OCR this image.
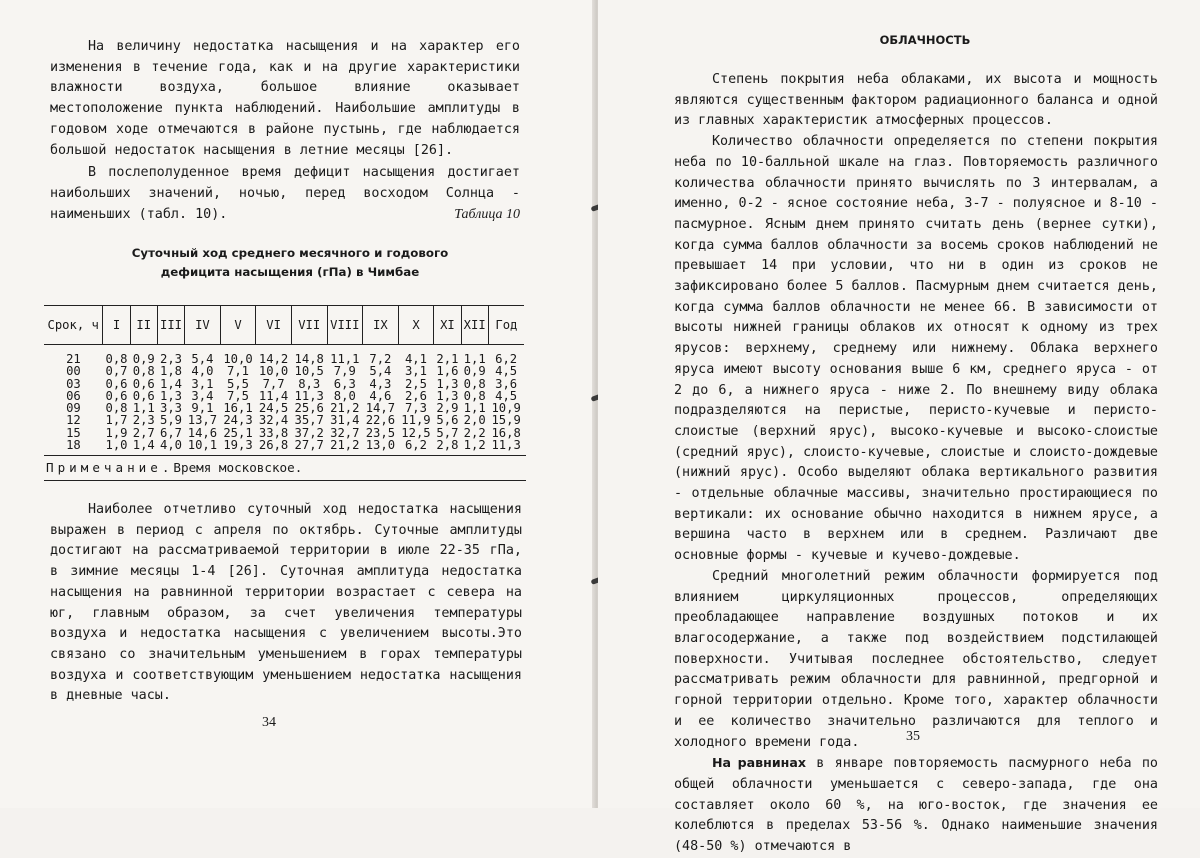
На величину недостатка насыщения и на характер его изменения в течение года, как и на другие характеристики влажности воздуха, большое влияние оказывает местоположение пункта наблюдений. Наибольшие амплитуды в годовом ходе отмечаются в районе пустынь, где наблюдается большой недостаток насыщения в летние месяцы [26].

В послеполуденное время дефицит насыщения достигает наибольших значений, ночью, перед восходом Солнца - наименьших (табл. 10).	Таблица 10
Суточный ход среднего месячного и годового
дефицита насыщения (гПа) в Чимбае
Срок, ч	I	II	III	IV	V	VI	VII	VIII	IX	X	XI	XII	Год
21	0,8	0,9	2,3	5,4	10,0	14,2	14,8	11,1	7,2	4,1	2,1	1,1	6,2
00	0,7	0,8	1,8	4,0	7,1	10,0	10,5	7,9	5,4	3,1	1,6	0,9	4,5
03	0,6	0,6	1,4	3,1	5,5	7,7	8,3	6,3	4,3	2,5	1,3	0,8	3,6
06	0,6	0,6	1,3	3,4	7,5	11,4	11,3	8,0	4,6	2,6	1,3	0,8	4,5
09	0,8	1,1	3,3	9,1	16,1	24,5	25,6	21,2	14,7	7,3	2,9	1,1	10,9
12	1,7	2,3	5,9	13,7	24,3	32,4	35,7	31,4	22,6	11,9	5,6	2,0	15,9
15	1,9	2,7	6,7	14,6	25,1	33,8	37,2	32,7	23,5	12,5	5,7	2,2	16,8
18	1,0	1,4	4,0	10,1	19,3	26,8	27,7	21,2	13,0	6,2	2,8	1,2	11,3
Примечание.Время московское.

Наиболее отчетливо суточный ход недостатка насыщения выражен в период с апреля по октябрь. Суточные амплитуды достигают на рассматриваемой территории в июле 22-35 гПа, в зимние месяцы 1-4 [26]. Суточная амплитуда недостатка насыщения на равнинной территории возрастает с севера на юг, главным образом, за счет увеличения температуры воздуха и недостатка насыщения с увеличением высоты.Это связано со значительным уменьшением в горах температуры воздуха и соответствующим уменьшением недостатка насыщения в дневные часы.

34
ОБЛАЧНОСТЬ

Степень покрытия неба облаками, их высота и мощность являются существенным фактором радиационного баланса и одной из главных характеристик атмосферных процессов.

Количество облачности определяется по степени покрытия неба по 10-балльной шкале на глаз. Повторяемость различного количества облачности принято вычислять по 3 интервалам, а именно, 0-2 - ясное состояние неба, 3-7 - полуясное и 8-10 - пасмурное. Ясным днем принято считать день (вернее сутки), когда сумма баллов облачности за восемь сроков наблюдений не превышает 14 при условии, что ни в один из сроков не зафиксировано более 5 баллов. Пасмурным днем считается день, когда сумма баллов облачности не менее 66. В зависимости от высоты нижней границы облаков их относят к одному из трех ярусов: верхнему, среднему или нижнему. Облака верхнего яруса имеют высоту основания выше 6 км, среднего яруса - от 2 до 6, а нижнего яруса - ниже 2. По внешнему виду облака подразделяются на перистые, перисто-кучевые и перисто-слоистые (верхний ярус), высоко-кучевые и высоко-слоистые (средний ярус), слоисто-кучевые, слоистые и слоисто-дождевые (нижний ярус). Особо выделяют облака вертикального развития - отдельные облачные массивы, значительно простирающиеся по вертикали: их основание обычно находится в нижнем ярусе, а вершина часто в верхнем или в среднем. Различают две основные формы - кучевые и кучево-дождевые.

Средний многолетний режим облачности формируется под влиянием циркуляционных процессов, определяющих преобладающее направление воздушных потоков и их влагосодержание, а также под воздействием подстилающей поверхности. Учитывая последнее обстоятельство, следует рассматривать режим облачности для равнинной, предгорной и горной территории отдельно. Кроме того, характер облачности и ее количество значительно различаются для теплого и холодного времени года.

На равнинах в январе повторяемость пасмурного неба по общей облачности уменьшается с северо-запада, где она составляет около 60 %, на юго-восток, где значения ее колеблются в пределах 53-56 %. Однако наименьшие значения (48-50 %) отмечаются в

35
